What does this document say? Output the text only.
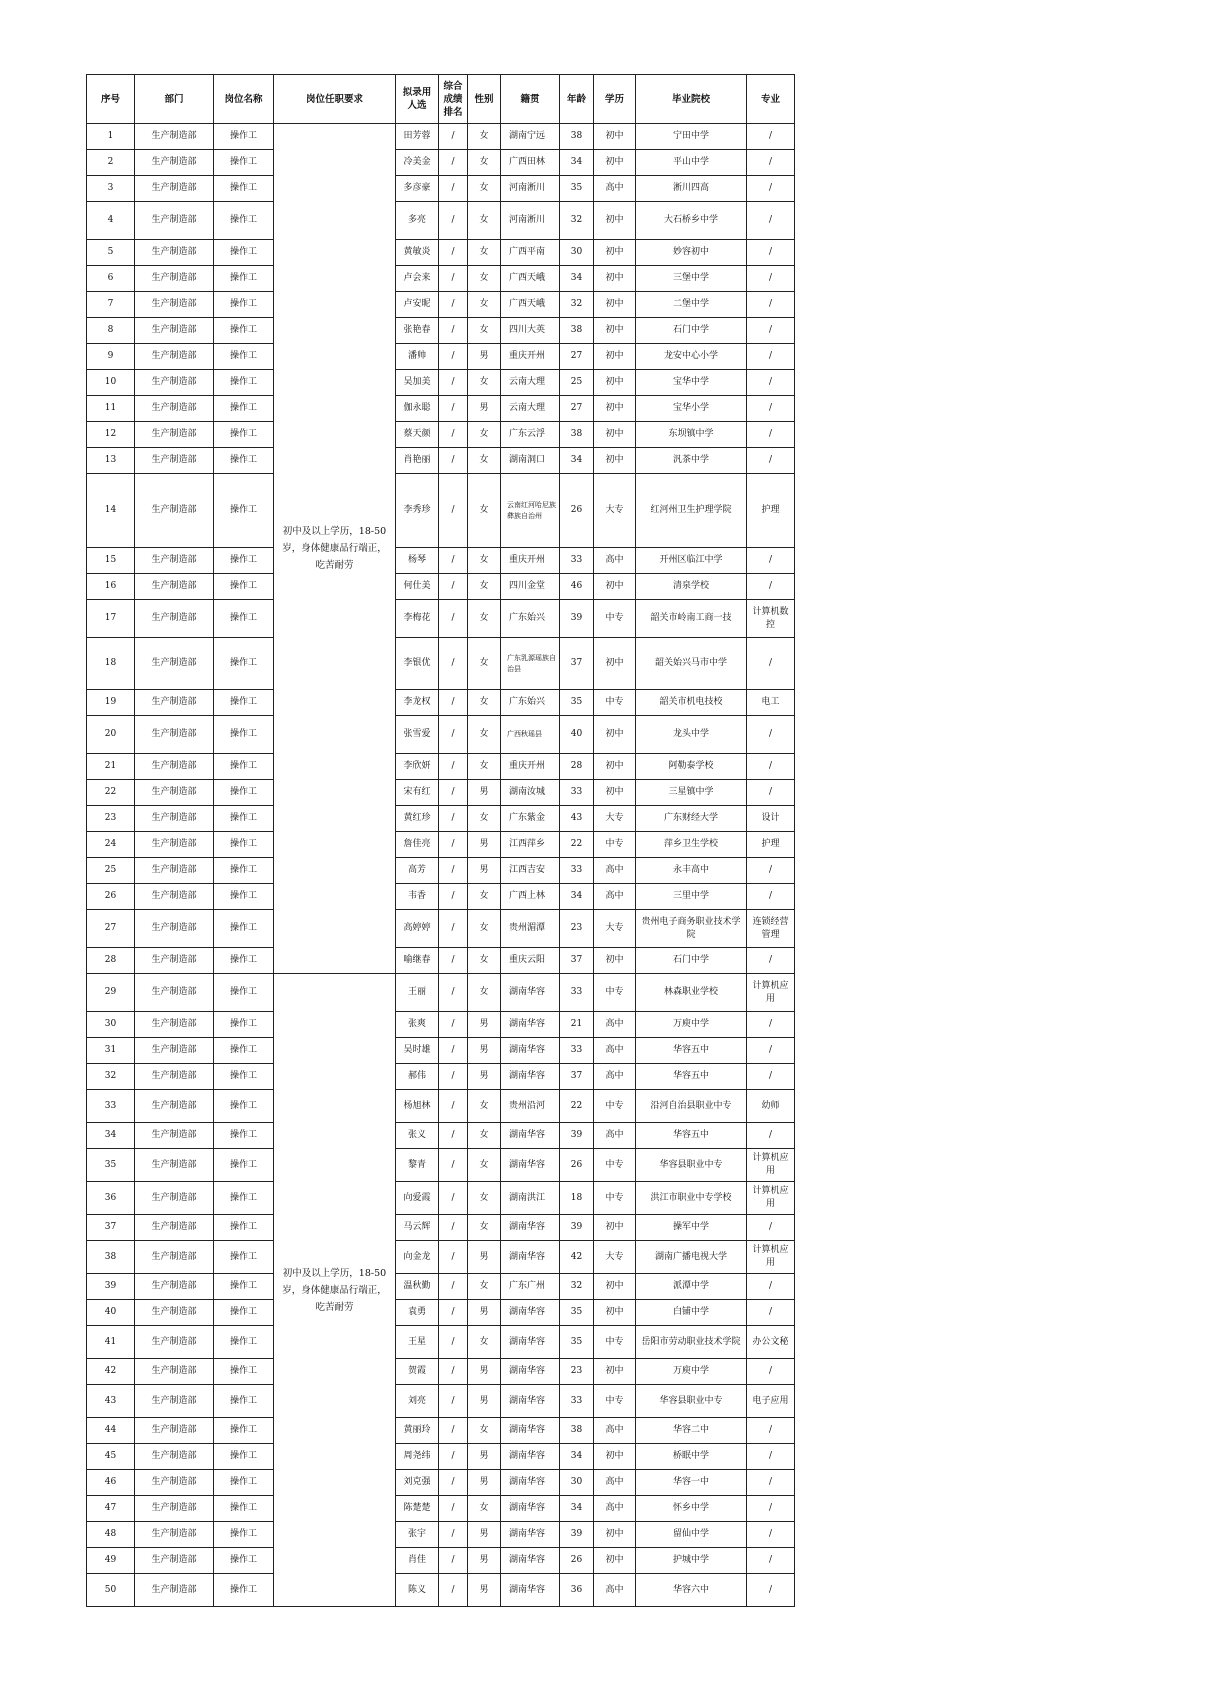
序号	部门	岗位名称	岗位任职要求	拟录用人选	综合成绩排名	性别	籍贯	年龄	学历	毕业院校	专业
1	生产制造部	操作工	初中及以上学历，18-50岁，身体健康品行端正，吃苦耐劳	田芳蓉	/	女	湖南宁远	38	初中	宁田中学	/
2	生产制造部	操作工		冷美金	/	女	广西田林	34	初中	平山中学	/
3	生产制造部	操作工		多彦豪	/	女	河南淅川	35	高中	淅川四高	/
4	生产制造部	操作工		多亮	/	女	河南淅川	32	初中	大石桥乡中学	/
5	生产制造部	操作工		黄敏炎	/	女	广西平南	30	初中	妙容初中	/
6	生产制造部	操作工		卢会来	/	女	广西天峨	34	初中	三堡中学	/
7	生产制造部	操作工		卢安昵	/	女	广西天峨	32	初中	二堡中学	/
8	生产制造部	操作工		张艳春	/	女	四川大英	38	初中	石门中学	/
9	生产制造部	操作工		潘帅	/	男	重庆开州	27	初中	龙安中心小学	/
10	生产制造部	操作工		吴加美	/	女	云南大理	25	初中	宝华中学	/
11	生产制造部	操作工		伽永聪	/	男	云南大理	27	初中	宝华小学	/
12	生产制造部	操作工		蔡天颜	/	女	广东云浮	38	初中	东坝镇中学	/
13	生产制造部	操作工		肖艳丽	/	女	湖南洞口	34	初中	汎茶中学	/
14	生产制造部	操作工		李秀珍	/	女	云南红河哈尼族彝族自治州	26	大专	红河州卫生护理学院	护理
15	生产制造部	操作工		杨琴	/	女	重庆开州	33	高中	开州区临江中学	/
16	生产制造部	操作工		何仕美	/	女	四川金堂	46	初中	清泉学校	/
17	生产制造部	操作工		李梅花	/	女	广东始兴	39	中专	韶关市岭南工商一技	计算机数控
18	生产制造部	操作工		李银优	/	女	广东乳源瑶族自治县	37	初中	韶关始兴马市中学	/
19	生产制造部	操作工		李龙权	/	女	广东始兴	35	中专	韶关市机电技校	电工
20	生产制造部	操作工		张雪爱	/	女	广西秋瑶县	40	初中	龙头中学	/
21	生产制造部	操作工		李欣妍	/	女	重庆开州	28	初中	阿勒泰学校	/
22	生产制造部	操作工		宋有红	/	男	湖南汝城	33	初中	三星镇中学	/
23	生产制造部	操作工		黄红珍	/	女	广东紫金	43	大专	广东财经大学	设计
24	生产制造部	操作工		詹佳亮	/	男	江西萍乡	22	中专	萍乡卫生学校	护理
25	生产制造部	操作工		高芳	/	男	江西吉安	33	高中	永丰高中	/
26	生产制造部	操作工		韦香	/	女	广西上林	34	高中	三里中学	/
27	生产制造部	操作工		高婷婷	/	女	贵州湄潭	23	大专	贵州电子商务职业技术学院	连锁经营管理
28	生产制造部	操作工		喻继春	/	女	重庆云阳	37	初中	石门中学	/
29	生产制造部	操作工	初中及以上学历，18-50岁，身体健康品行端正，吃苦耐劳	王丽	/	女	湖南华容	33	中专	林森职业学校	计算机应用
30	生产制造部	操作工		张爽	/	男	湖南华容	21	高中	万庾中学	/
31	生产制造部	操作工		吴时雄	/	男	湖南华容	33	高中	华容五中	/
32	生产制造部	操作工		郝伟	/	男	湖南华容	37	高中	华容五中	/
33	生产制造部	操作工		杨旭林	/	女	贵州沿河	22	中专	沿河自治县职业中专	幼师
34	生产制造部	操作工		张义	/	女	湖南华容	39	高中	华容五中	/
35	生产制造部	操作工		黎青	/	女	湖南华容	26	中专	华容县职业中专	计算机应用
36	生产制造部	操作工		向爱霞	/	女	湖南洪江	18	中专	洪江市职业中专学校	计算机应用
37	生产制造部	操作工		马云辉	/	女	湖南华容	39	初中	操军中学	/
38	生产制造部	操作工		向金龙	/	男	湖南华容	42	大专	湖南广播电视大学	计算机应用
39	生产制造部	操作工		温秋勤	/	女	广东广州	32	初中	派潭中学	/
40	生产制造部	操作工		袁勇	/	男	湖南华容	35	初中	白铺中学	/
41	生产制造部	操作工		王星	/	女	湖南华容	35	中专	岳阳市劳动职业技术学院	办公文秘
42	生产制造部	操作工		贺霞	/	男	湖南华容	23	初中	万庾中学	/
43	生产制造部	操作工		刘亮	/	男	湖南华容	33	中专	华容县职业中专	电子应用
44	生产制造部	操作工		黄丽玲	/	女	湖南华容	38	高中	华容二中	/
45	生产制造部	操作工		周尧纬	/	男	湖南华容	34	初中	桥眠中学	/
46	生产制造部	操作工		刘克强	/	男	湖南华容	30	高中	华容一中	/
47	生产制造部	操作工		陈楚楚	/	女	湖南华容	34	高中	怀乡中学	/
48	生产制造部	操作工		张宇	/	男	湖南华容	39	初中	留仙中学	/
49	生产制造部	操作工		肖佳	/	男	湖南华容	26	初中	护城中学	/
50	生产制造部	操作工		陈义	/	男	湖南华容	36	高中	华容六中	/
